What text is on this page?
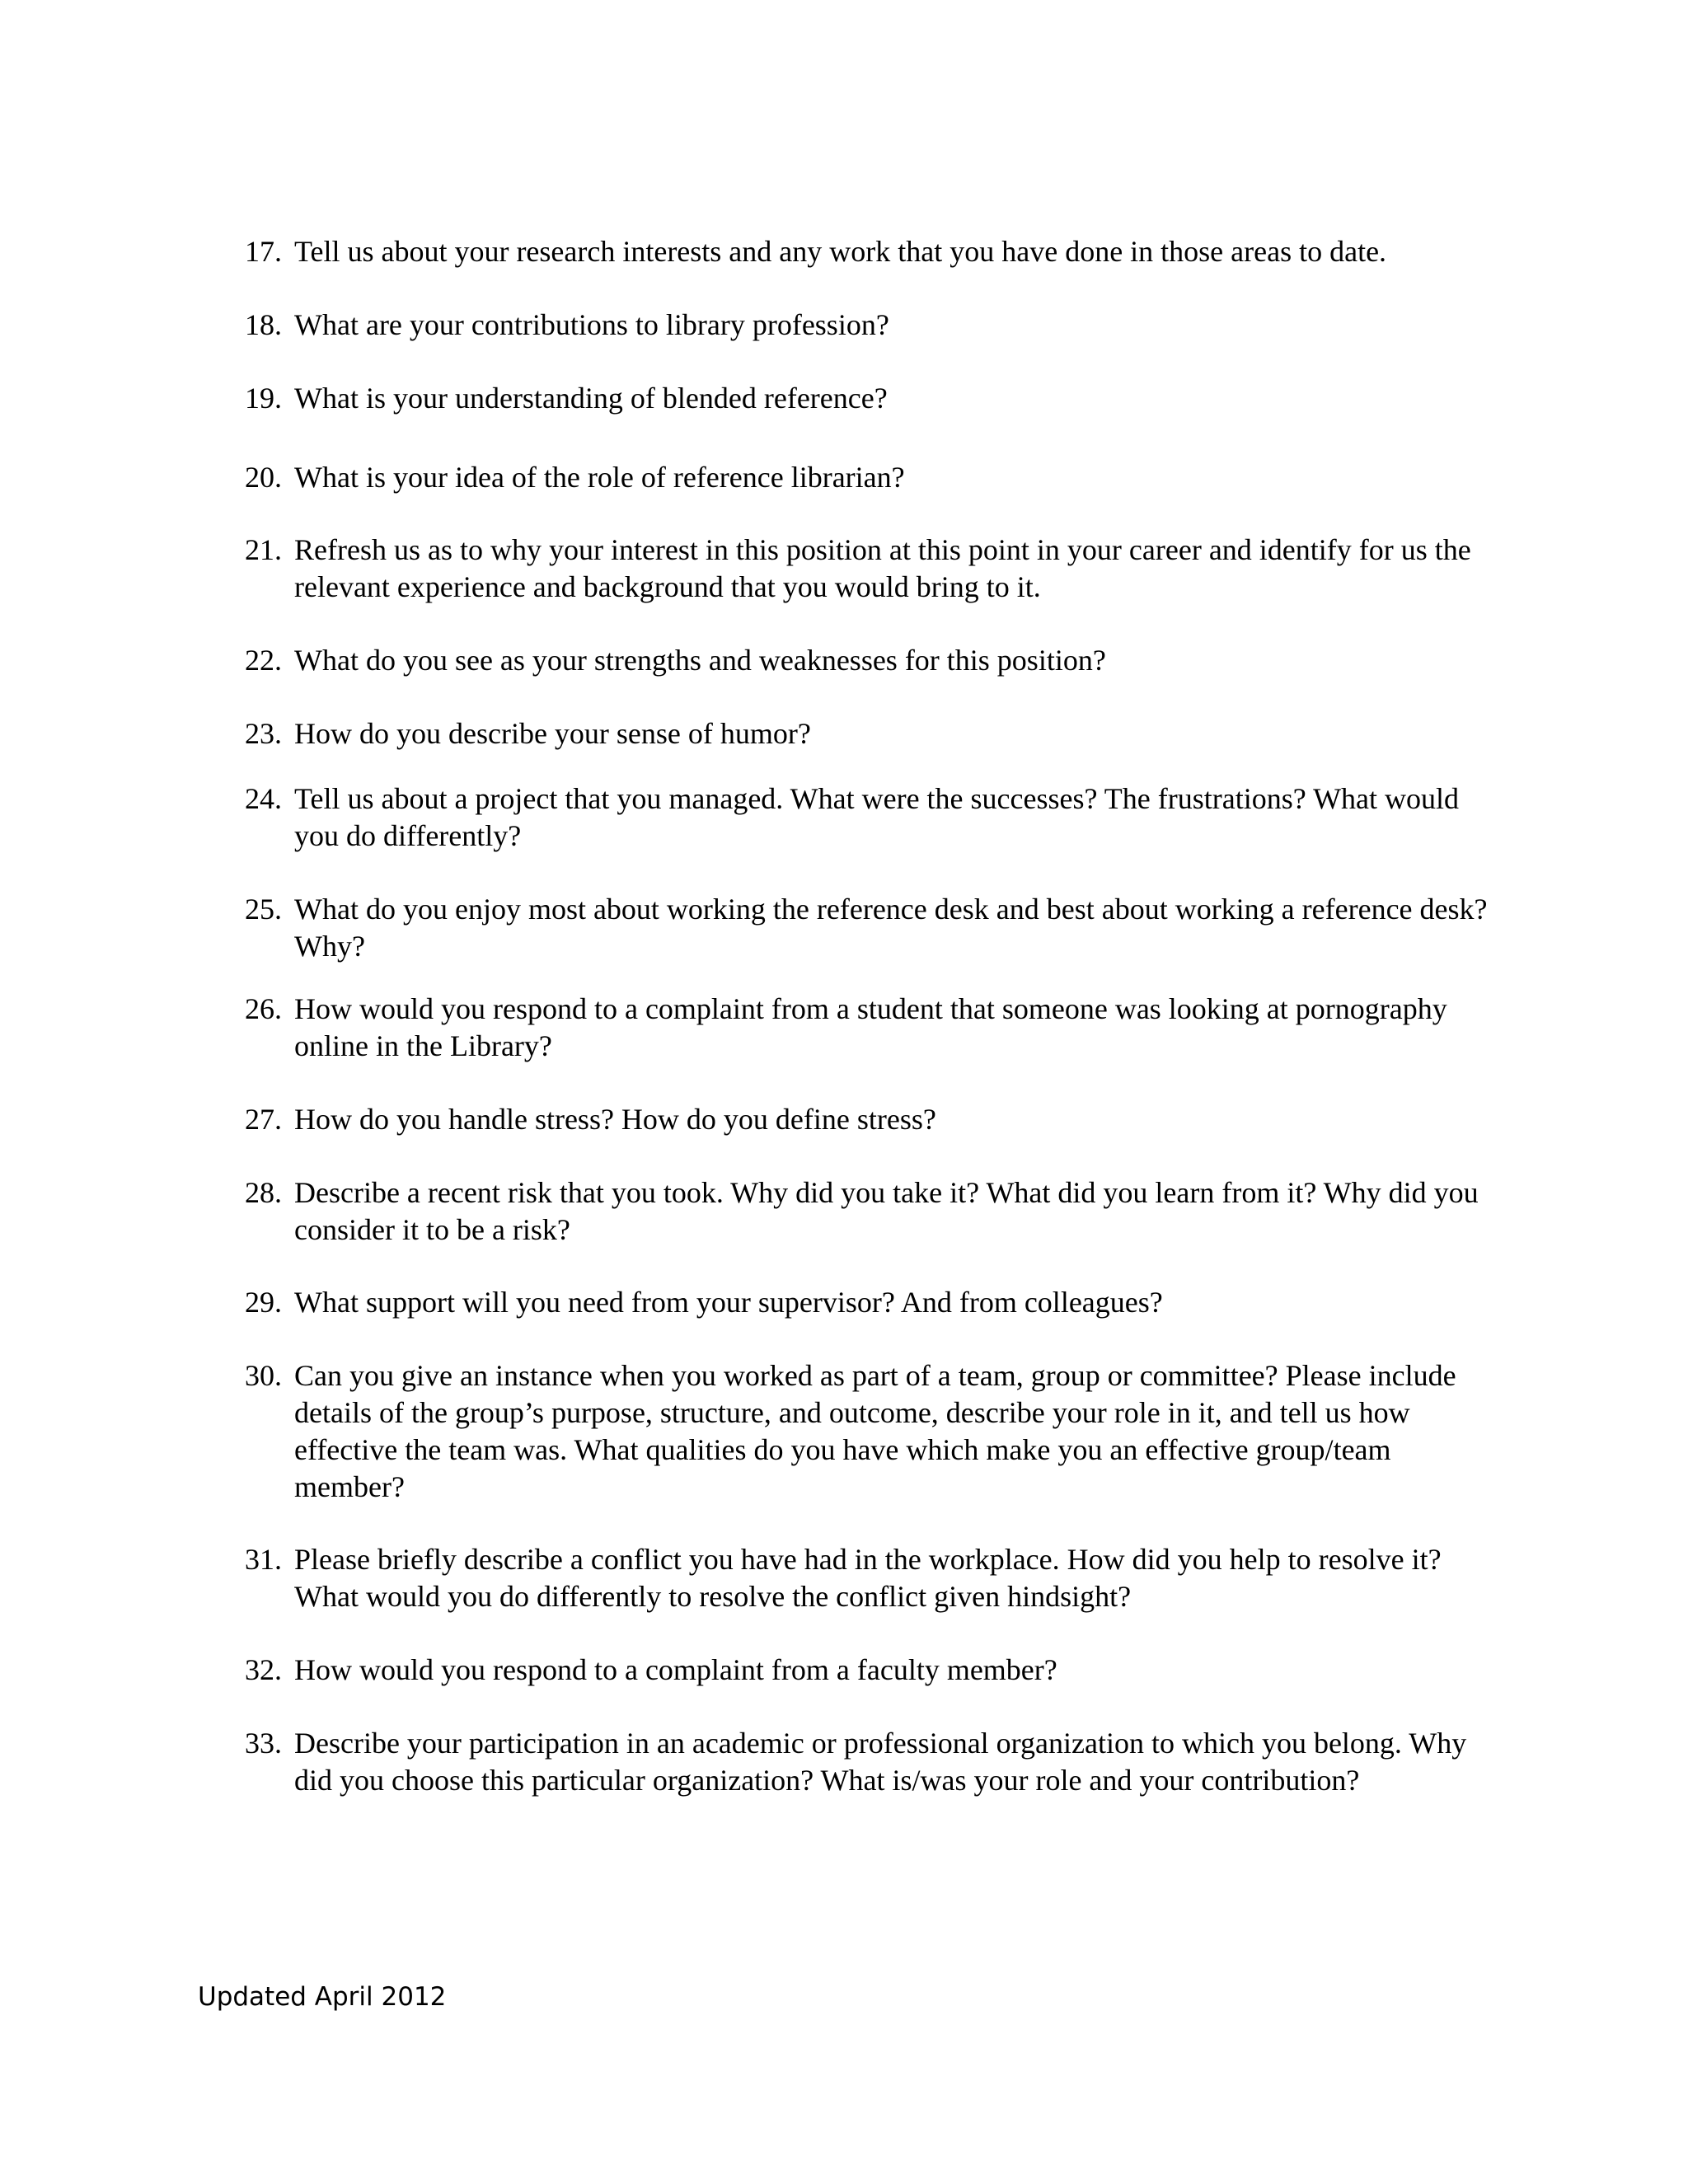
17. Tell us about your research interests and any work that you have done in those areas to date.
18. What are your contributions to library profession?
19. What is your understanding of blended reference?
20. What is your idea of the role of reference librarian?
21. Refresh us as to why your interest in this position at this point in your career and identify for us the relevant experience and background that you would bring to it.
22. What do you see as your strengths and weaknesses for this position?
23. How do you describe your sense of humor?
24. Tell us about a project that you managed. What were the successes? The frustrations? What would you do differently?
25. What do you enjoy most about working the reference desk and best about working a reference desk? Why?
26. How would you respond to a complaint from a student that someone was looking at pornography online in the Library?
27. How do you handle stress? How do you define stress?
28. Describe a recent risk that you took. Why did you take it? What did you learn from it? Why did you consider it to be a risk?
29. What support will you need from your supervisor? And from colleagues?
30. Can you give an instance when you worked as part of a team, group or committee? Please include details of the group’s purpose, structure, and outcome, describe your role in it, and tell us how effective the team was. What qualities do you have which make you an effective group/team member?
31. Please briefly describe a conflict you have had in the workplace. How did you help to resolve it? What would you do differently to resolve the conflict given hindsight?
32. How would you respond to a complaint from a faculty member?
33. Describe your participation in an academic or professional organization to which you belong. Why did you choose this particular organization? What is/was your role and your contribution?
Updated April 2012
